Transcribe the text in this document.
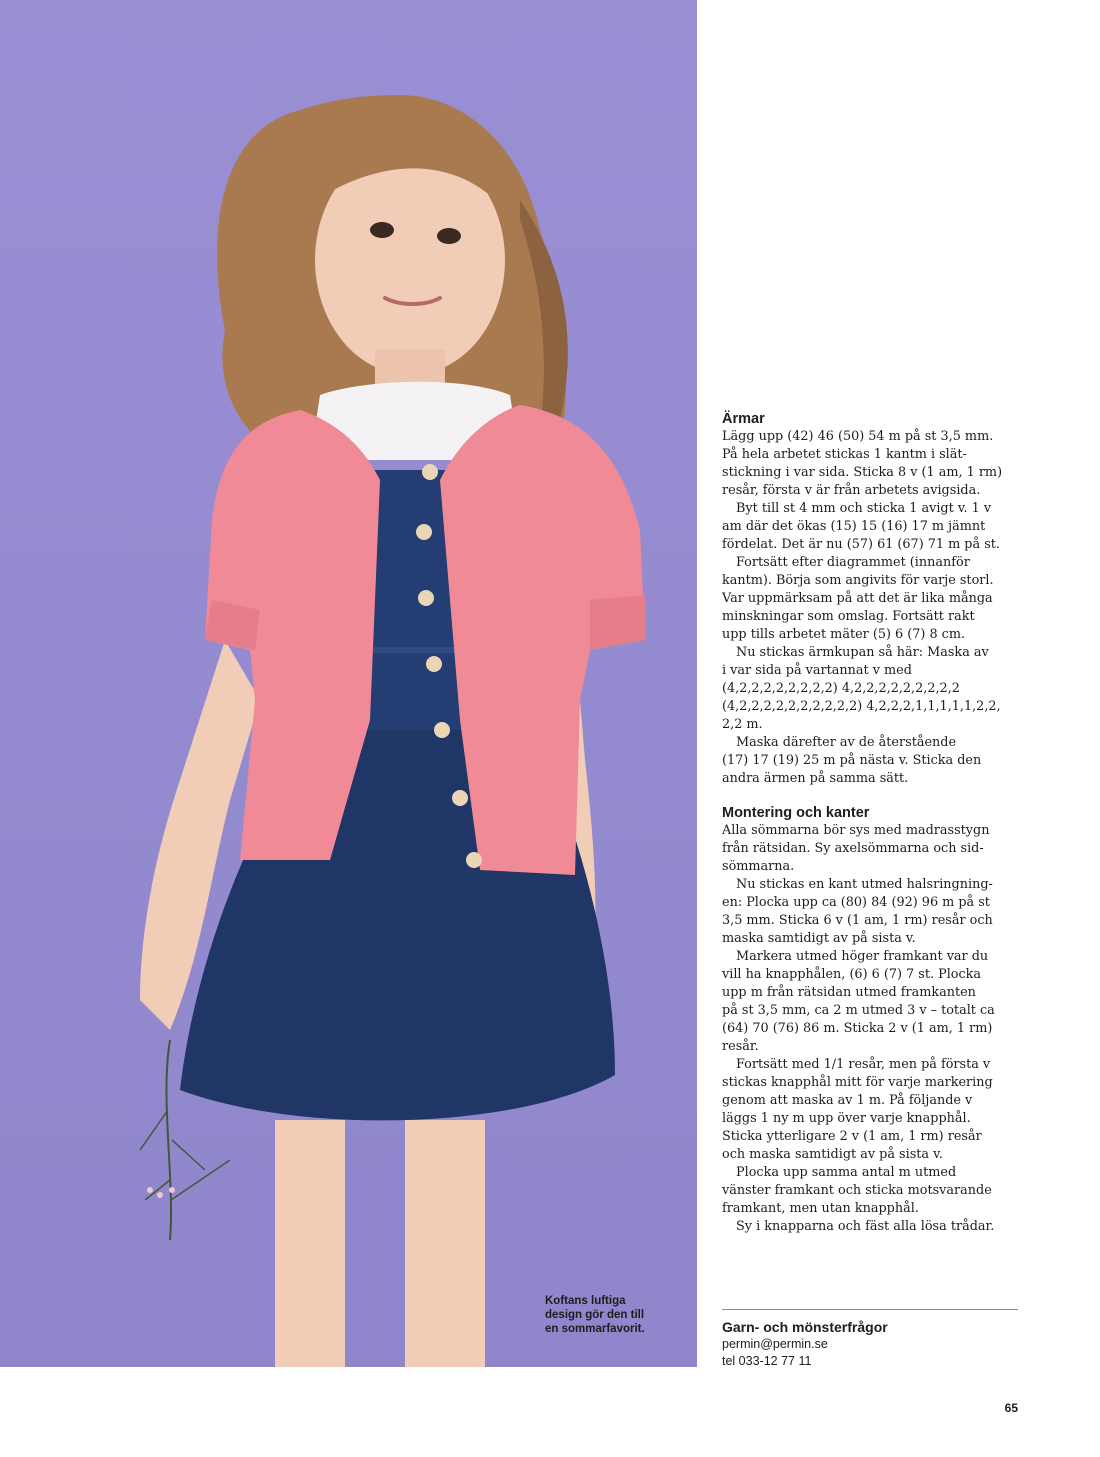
Koftans luftiga
design gör den till
en sommarfavorit.
Ärmar
Lägg upp (42) 46 (50) 54 m på st 3,5 mm.
På hela arbetet stickas 1 kantm i slät-
stickning i var sida. Sticka 8 v (1 am, 1 rm)
resår, första v är från arbetets avigsida.
Byt till st 4 mm och sticka 1 avigt v. 1 v
am där det ökas (15) 15 (16) 17 m jämnt
fördelat. Det är nu (57) 61 (67) 71 m på st.
Fortsätt efter diagrammet (innanför
kantm). Börja som angivits för varje storl.
Var uppmärksam på att det är lika många
minskningar som omslag. Fortsätt rakt
upp tills arbetet mäter (5) 6 (7) 8 cm.
Nu stickas ärmkupan så här: Maska av
i var sida på vartannat v med
(4,2,2,2,2,2,2,2,2) 4,2,2,2,2,2,2,2,2,2
(4,2,2,2,2,2,2,2,2,2,2) 4,2,2,2,1,1,1,1,1,2,2,
2,2 m.
Maska därefter av de återstående
(17) 17 (19) 25 m på nästa v. Sticka den
andra ärmen på samma sätt.
Montering och kanter
Alla sömmarna bör sys med madrasstygn
från rätsidan. Sy axelsömmarna och sid-
sömmarna.
Nu stickas en kant utmed halsringning-
en: Plocka upp ca (80) 84 (92) 96 m på st
3,5 mm. Sticka 6 v (1 am, 1 rm) resår och
maska samtidigt av på sista v.
Markera utmed höger framkant var du
vill ha knapphålen, (6) 6 (7) 7 st. Plocka
upp m från rätsidan utmed framkanten
på st 3,5 mm, ca 2 m utmed 3 v – totalt ca
(64) 70 (76) 86 m. Sticka 2 v (1 am, 1 rm)
resår.
Fortsätt med 1/1 resår, men på första v
stickas knapphål mitt för varje markering
genom att maska av 1 m. På följande v
läggs 1 ny m upp över varje knapphål.
Sticka ytterligare 2 v (1 am, 1 rm) resår
och maska samtidigt av på sista v.
Plocka upp samma antal m utmed
vänster framkant och sticka motsvarande
framkant, men utan knapphål.
Sy i knapparna och fäst alla lösa trådar.
Garn- och mönsterfrågor
permin@permin.se
tel 033-12 77 11
65
